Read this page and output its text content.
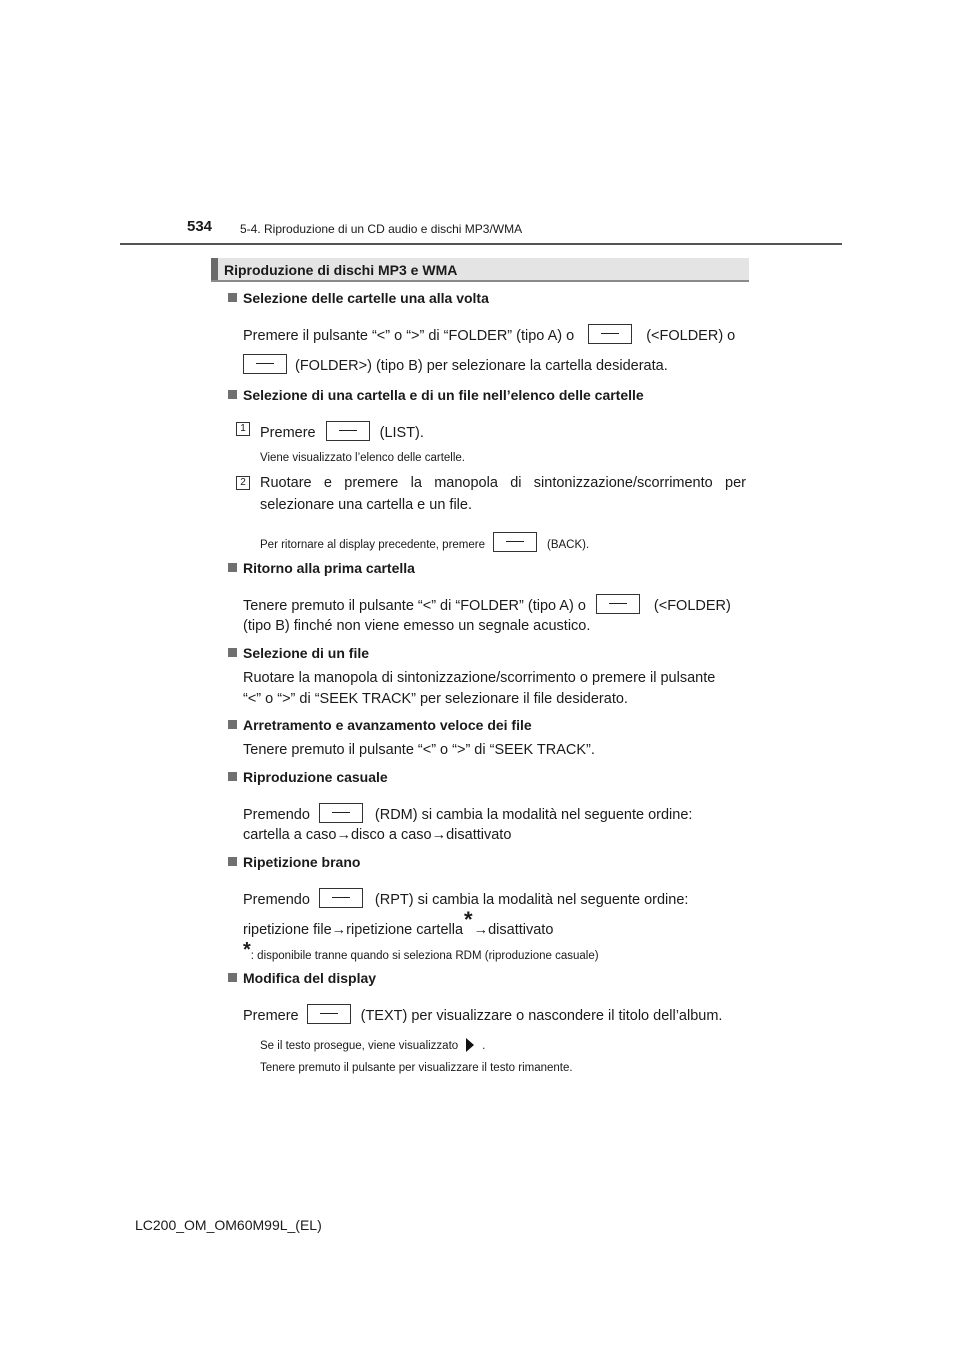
534 5-4. Riproduzione di un CD audio e dischi MP3/WMA
Riproduzione di dischi MP3 e WMA
Selezione delle cartelle una alla volta
Premere il pulsante “<” o “>” di “FOLDER” (tipo A) o	(<FOLDER) o
(FOLDER>) (tipo B) per selezionare la cartella desiderata.
Selezione di una cartella e di un file nell’elenco delle cartelle
1 Premere	(LIST).
Viene visualizzato l’elenco delle cartelle.
2 Ruotare e premere la manopola di sintonizzazione/scorrimento per selezionare una cartella e un file.
Per ritornare al display precedente, premere	(BACK).
Ritorno alla prima cartella
Tenere premuto il pulsante “<” di “FOLDER” (tipo A) o	(<FOLDER)
(tipo B) finché non viene emesso un segnale acustico.
Selezione di un file
Ruotare la manopola di sintonizzazione/scorrimento o premere il pulsante
“<” o “>” di “SEEK TRACK” per selezionare il file desiderato.
Arretramento e avanzamento veloce dei file
Tenere premuto il pulsante “<” o “>” di “SEEK TRACK”.
Riproduzione casuale
Premendo	(RDM) si cambia la modalità nel seguente ordine:
cartella a caso→disco a caso→disattivato
Ripetizione brano
Premendo	(RPT) si cambia la modalità nel seguente ordine:
ripetizione file→ripetizione cartella*→disattivato
*: disponibile tranne quando si seleziona RDM (riproduzione casuale)
Modifica del display
Premere	(TEXT) per visualizzare o nascondere il titolo dell’album.
Se il testo prosegue, viene visualizzato .
Tenere premuto il pulsante per visualizzare il testo rimanente.
LC200_OM_OM60M99L_(EL)
